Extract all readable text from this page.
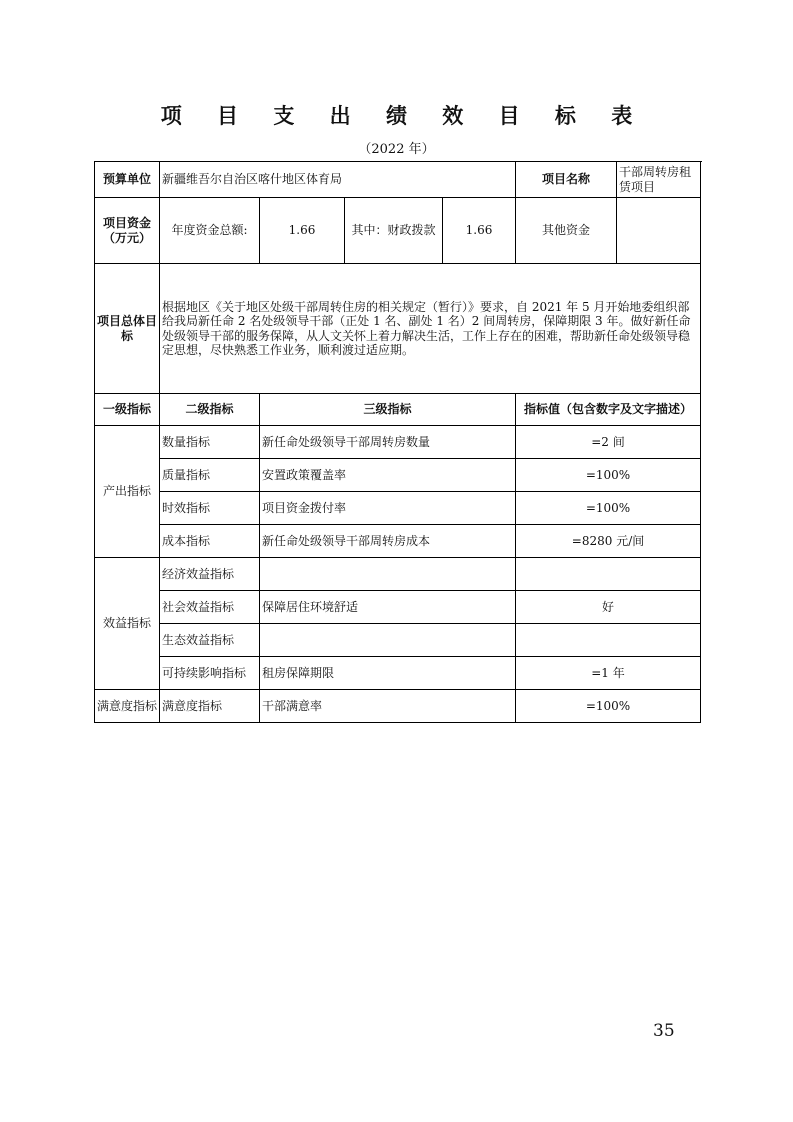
项 目 支 出 绩 效 目 标 表
（2022 年）
预算单位	新疆维吾尔自治区喀什地区体育局				项目名称	干部周转房租赁项目

项目资金
（万元）	年度资金总额:	1.66	其中：财政拨款	1.66	其他资金	
项目总体目标	根据地区《关于地区处级干部周转住房的相关规定（暂行）》要求，自 2021 年 5 月开始地委组织部给我局新任命 2 名处级领导干部（正处 1 名、副处 1 名）2 间周转房，保障期限 3 年。做好新任命处级领导干部的服务保障，从人文关怀上着力解决生活，工作上存在的困难，帮助新任命处级领导稳定思想，尽快熟悉工作业务，顺利渡过适应期。					
一级指标	二级指标	三级指标			指标值（包含数字及文字描述）	
产出指标	数量指标	新任命处级领导干部周转房数量			=2 间	
	质量指标	安置政策覆盖率			=100%	
	时效指标	项目资金拨付率			=100%	
	成本指标	新任命处级领导干部周转房成本			=8280 元/间	
效益指标	经济效益指标					
	社会效益指标	保障居住环境舒适			好	
	生态效益指标					
	可持续影响指标	租房保障期限			=1 年	
满意度指标	满意度指标	干部满意率			=100%	
35
